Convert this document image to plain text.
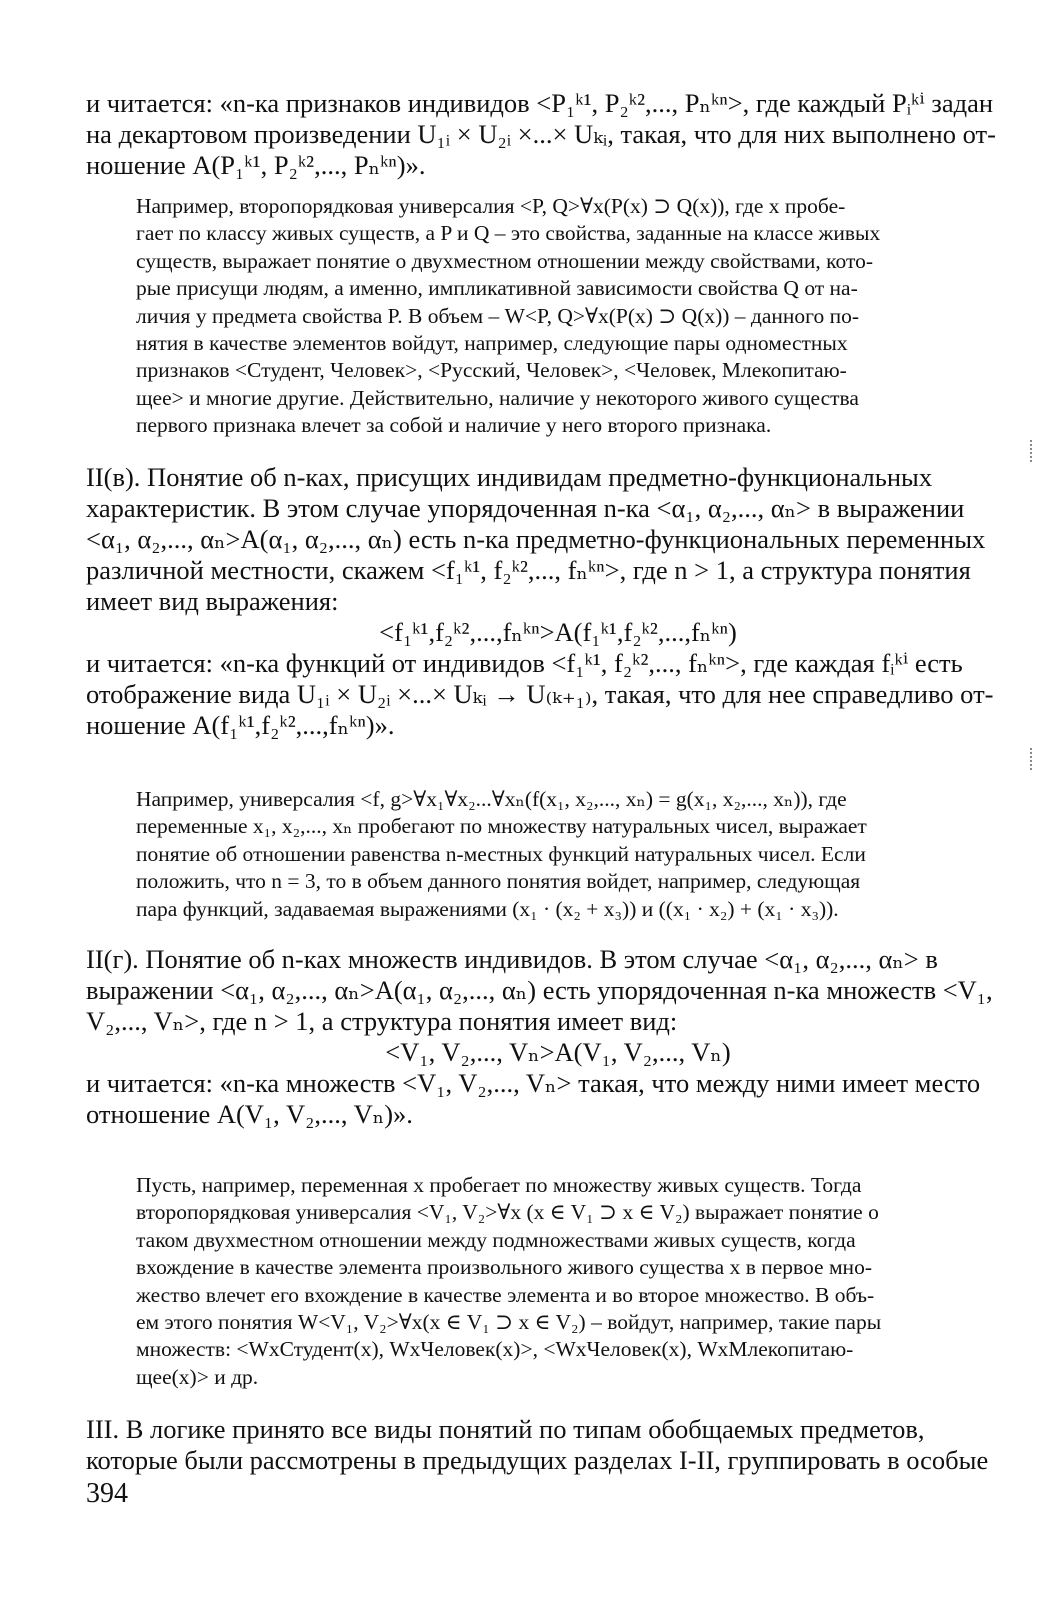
и читается: «n-ка признаков индивидов <P₁ᵏ¹, P₂ᵏ²,..., Pₙᵏⁿ>, где каждый Pᵢᵏⁱ задан
на декартовом произведении U₁ᵢ × U₂ᵢ ×...× Uₖᵢ, такая, что для них выполнено от-
ношение A(P₁ᵏ¹, P₂ᵏ²,..., Pₙᵏⁿ)».
Например, второпорядковая универсалия <P, Q>∀x(P(x) ⊃ Q(x)), где x пробе-
гает по классу живых существ, а P и Q – это свойства, заданные на классе живых
существ, выражает понятие о двухместном отношении между свойствами, кото-
рые присущи людям, а именно, импликативной зависимости свойства Q от на-
личия у предмета свойства P. В объем – W<P, Q>∀x(P(x) ⊃ Q(x)) – данного по-
нятия в качестве элементов войдут, например, следующие пары одноместных
признаков <Студент, Человек>, <Русский, Человек>, <Человек, Млекопитаю-
щее> и многие другие. Действительно, наличие у некоторого живого существа
первого признака влечет за собой и наличие у него второго признака.
II(в). Понятие об n-ках, присущих индивидам предметно-функциональных
характеристик. В этом случае упорядоченная n-ка <α₁, α₂,..., αₙ> в выражении
<α₁, α₂,..., αₙ>A(α₁, α₂,..., αₙ) есть n-ка предметно-функциональных переменных
различной местности, скажем <f₁ᵏ¹, f₂ᵏ²,..., fₙᵏⁿ>, где n > 1, а структура понятия
имеет вид выражения:
<f₁ᵏ¹,f₂ᵏ²,...,fₙᵏⁿ>A(f₁ᵏ¹,f₂ᵏ²,...,fₙᵏⁿ)
и читается: «n-ка функций от индивидов <f₁ᵏ¹, f₂ᵏ²,..., fₙᵏⁿ>, где каждая fᵢᵏⁱ есть
отображение вида U₁ᵢ × U₂ᵢ ×...× Uₖᵢ → U₍ₖ₊₁₎, такая, что для нее справедливо от-
ношение A(f₁ᵏ¹,f₂ᵏ²,...,fₙᵏⁿ)».
Например, универсалия <f, g>∀x₁∀x₂...∀xₙ(f(x₁, x₂,..., xₙ) = g(x₁, x₂,..., xₙ)), где
переменные x₁, x₂,..., xₙ пробегают по множеству натуральных чисел, выражает
понятие об отношении равенства n-местных функций натуральных чисел. Если
положить, что n = 3, то в объем данного понятия войдет, например, следующая
пара функций, задаваемая выражениями (x₁ · (x₂ + x₃)) и ((x₁ · x₂) + (x₁ · x₃)).
II(г). Понятие об n-ках множеств индивидов. В этом случае <α₁, α₂,..., αₙ> в
выражении <α₁, α₂,..., αₙ>A(α₁, α₂,..., αₙ) есть упорядоченная n-ка множеств <V₁,
V₂,..., Vₙ>, где n > 1, а структура понятия имеет вид:
<V₁, V₂,..., Vₙ>A(V₁, V₂,..., Vₙ)
и читается: «n-ка множеств <V₁, V₂,..., Vₙ> такая, что между ними имеет место
отношение A(V₁, V₂,..., Vₙ)».
Пусть, например, переменная x пробегает по множеству живых существ. Тогда
второпорядковая универсалия <V₁, V₂>∀x (x ∈ V₁ ⊃ x ∈ V₂) выражает понятие о
таком двухместном отношении между подмножествами живых существ, когда
вхождение в качестве элемента произвольного живого существа x в первое мно-
жество влечет его вхождение в качестве элемента и во второе множество. В объ-
ем этого понятия W<V₁, V₂>∀x(x ∈ V₁ ⊃ x ∈ V₂) – войдут, например, такие пары
множеств: <WxСтудент(x), WxЧеловек(x)>, <WxЧеловек(x), WxМлекопитаю-
щее(x)> и др.
III. В логике принято все виды понятий по типам обобщаемых предметов,
которые были рассмотрены в предыдущих разделах I-II, группировать в особые
394
